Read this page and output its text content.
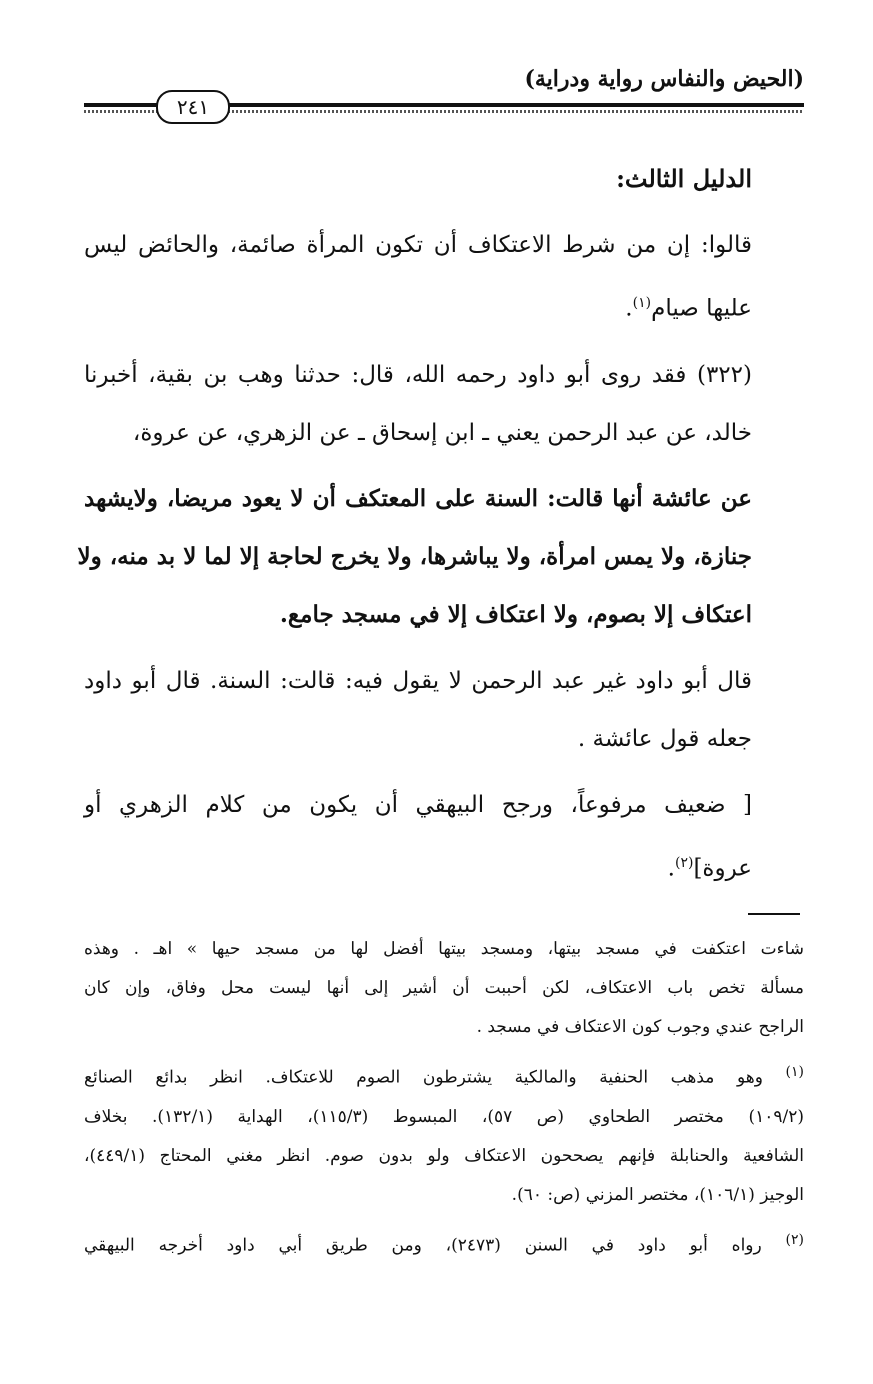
(الحيض والنفاس رواية ودراية)
٢٤١
الدليل الثالث:
قالوا: إن من شرط الاعتكاف أن تكون المرأة صائمة، والحائض ليس
عليها صيام$^{(١)}$.
(٣٢٢) فقد روى أبو داود رحمه الله، قال: حدثنا وهب بن بقية، أخبرنا
خالد، عن عبد الرحمن يعني ـ ابن إسحاق ـ عن الزهري، عن عروة،
عن عائشة أنها قالت: السنة على المعتكف أن لا يعود مريضا، ولايشهد
جنازة، ولا يمس امرأة، ولا يباشرها، ولا يخرج لحاجة إلا لما لا بد منه، ولا
اعتكاف إلا بصوم، ولا اعتكاف إلا في مسجد جامع.
قال أبو داود غير عبد الرحمن لا يقول فيه: قالت: السنة. قال أبو داود
جعله قول عائشة .
[ ضعيف مرفوعاً، ورجح البيهقي أن يكون من كلام الزهري أو
عروة]$^{(٢)}$.
شاءت اعتكفت في مسجد بيتها، ومسجد بيتها أفضل لها من مسجد حيها » اهـ . وهذه
مسألة تخص باب الاعتكاف، لكن أحببت أن أشير إلى أنها ليست محل وفاق، وإن كان
الراجح عندي وجوب كون الاعتكاف في مسجد .
$^{(١)}$ وهو مذهب الحنفية والمالكية يشترطون الصوم للاعتكاف. انظر بدائع الصنائع
(١٠٩/٢) مختصر الطحاوي (ص ٥٧)، المبسوط (١١٥/٣)، الهداية (١٣٢/١). بخلاف
الشافعية والحنابلة فإنهم يصححون الاعتكاف ولو بدون صوم. انظر مغني المحتاج (٤٤٩/١)،
الوجيز (١٠٦/١)، مختصر المزني (ص: ٦٠).
$^{(٢)}$ رواه أبو داود في السنن (٢٤٧٣)، ومن طريق أبي داود أخرجه البيهقي
